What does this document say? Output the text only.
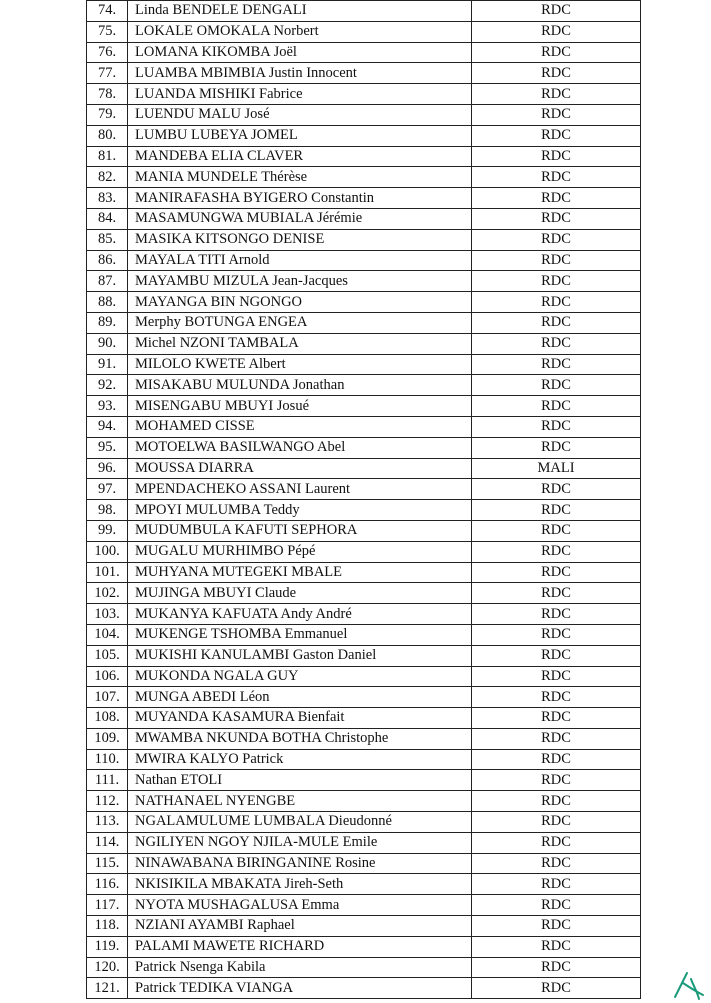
74.	Linda BENDELE DENGALI	RDC
75.	LOKALE OMOKALA Norbert	RDC
76.	LOMANA KIKOMBA Joël	RDC
77.	LUAMBA MBIMBIA Justin Innocent	RDC
78.	LUANDA MISHIKI Fabrice	RDC
79.	LUENDU MALU José	RDC
80.	LUMBU LUBEYA JOMEL	RDC
81.	MANDEBA ELIA CLAVER	RDC
82.	MANIA MUNDELE Thérèse	RDC
83.	MANIRAFASHA BYIGERO Constantin	RDC
84.	MASAMUNGWA MUBIALA Jérémie	RDC
85.	MASIKA KITSONGO DENISE	RDC
86.	MAYALA TITI Arnold	RDC
87.	MAYAMBU MIZULA Jean-Jacques	RDC
88.	MAYANGA BIN NGONGO	RDC
89.	Merphy BOTUNGA ENGEA	RDC
90.	Michel NZONI TAMBALA	RDC
91.	MILOLO KWETE Albert	RDC
92.	MISAKABU MULUNDA Jonathan	RDC
93.	MISENGABU MBUYI Josué	RDC
94.	MOHAMED CISSE	RDC
95.	MOTOELWA BASILWANGO Abel	RDC
96.	MOUSSA DIARRA	MALI
97.	MPENDACHEKO ASSANI Laurent	RDC
98.	MPOYI MULUMBA Teddy	RDC
99.	MUDUMBULA KAFUTI SEPHORA	RDC
100.	MUGALU MURHIMBO Pépé	RDC
101.	MUHYANA MUTEGEKI MBALE	RDC
102.	MUJINGA MBUYI Claude	RDC
103.	MUKANYA KAFUATA Andy André	RDC
104.	MUKENGE TSHOMBA Emmanuel	RDC
105.	MUKISHI KANULAMBI Gaston Daniel	RDC
106.	MUKONDA NGALA GUY	RDC
107.	MUNGA ABEDI Léon	RDC
108.	MUYANDA KASAMURA Bienfait	RDC
109.	MWAMBA NKUNDA BOTHA Christophe	RDC
110.	MWIRA KALYO Patrick	RDC
111.	Nathan ETOLI	RDC
112.	NATHANAEL NYENGBE	RDC
113.	NGALAMULUME LUMBALA Dieudonné	RDC
114.	NGILIYEN NGOY NJILA-MULE Emile	RDC
115.	NINAWABANA BIRINGANINE Rosine	RDC
116.	NKISIKILA MBAKATA Jireh-Seth	RDC
117.	NYOTA MUSHAGALUSA Emma	RDC
118.	NZIANI AYAMBI Raphael	RDC
119.	PALAMI MAWETE RICHARD	RDC
120.	Patrick Nsenga Kabila	RDC
121.	Patrick TEDIKA VIANGA	RDC
